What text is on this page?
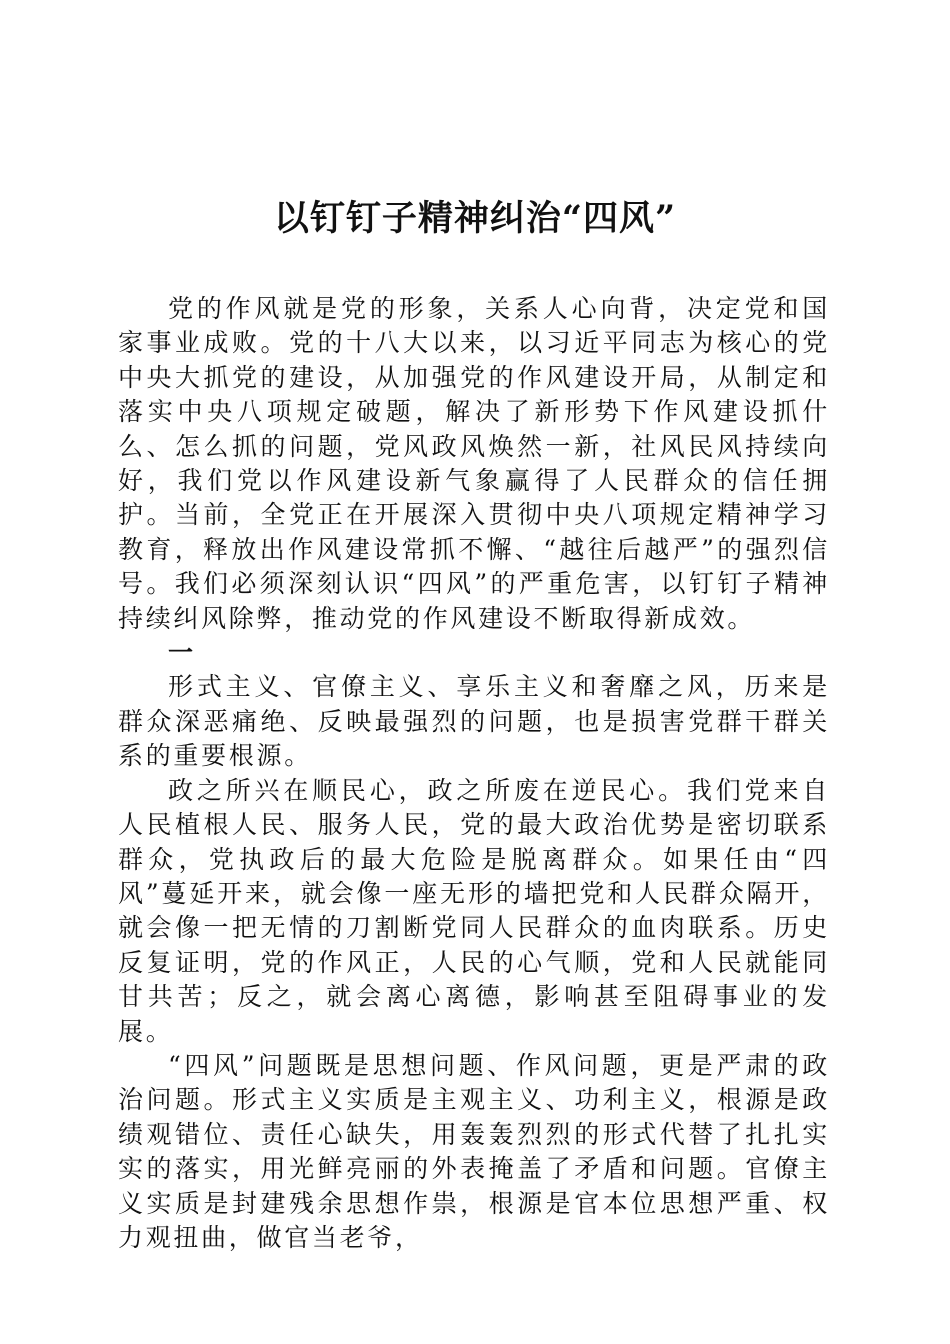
以钉钉子精神纠治“四风”

党的作风就是党的形象，关系人心向背，决定党和国家事业成败。党的十八大以来，以习近平同志为核心的党中央大抓党的建设，从加强党的作风建设开局，从制定和落实中央八项规定破题，解决了新形势下作风建设抓什么、怎么抓的问题，党风政风焕然一新，社风民风持续向好，我们党以作风建设新气象赢得了人民群众的信任拥护。当前，全党正在开展深入贯彻中央八项规定精神学习教育，释放出作风建设常抓不懈、“越往后越严”的强烈信号。我们必须深刻认识“四风”的严重危害，以钉钉子精神持续纠风除弊，推动党的作风建设不断取得新成效。

一

形式主义、官僚主义、享乐主义和奢靡之风，历来是群众深恶痛绝、反映最强烈的问题，也是损害党群干群关系的重要根源。

政之所兴在顺民心，政之所废在逆民心。我们党来自人民植根人民、服务人民，党的最大政治优势是密切联系群众，党执政后的最大危险是脱离群众。如果任由“四风”蔓延开来，就会像一座无形的墙把党和人民群众隔开，就会像一把无情的刀割断党同人民群众的血肉联系。历史反复证明，党的作风正，人民的心气顺，党和人民就能同甘共苦；反之，就会离心离德，影响甚至阻碍事业的发展。

“四风”问题既是思想问题、作风问题，更是严肃的政治问题。形式主义实质是主观主义、功利主义，根源是政绩观错位、责任心缺失，用轰轰烈烈的形式代替了扎扎实实的落实，用光鲜亮丽的外表掩盖了矛盾和问题。官僚主义实质是封建残余思想作祟，根源是官本位思想严重、权力观扭曲，做官当老爷，
